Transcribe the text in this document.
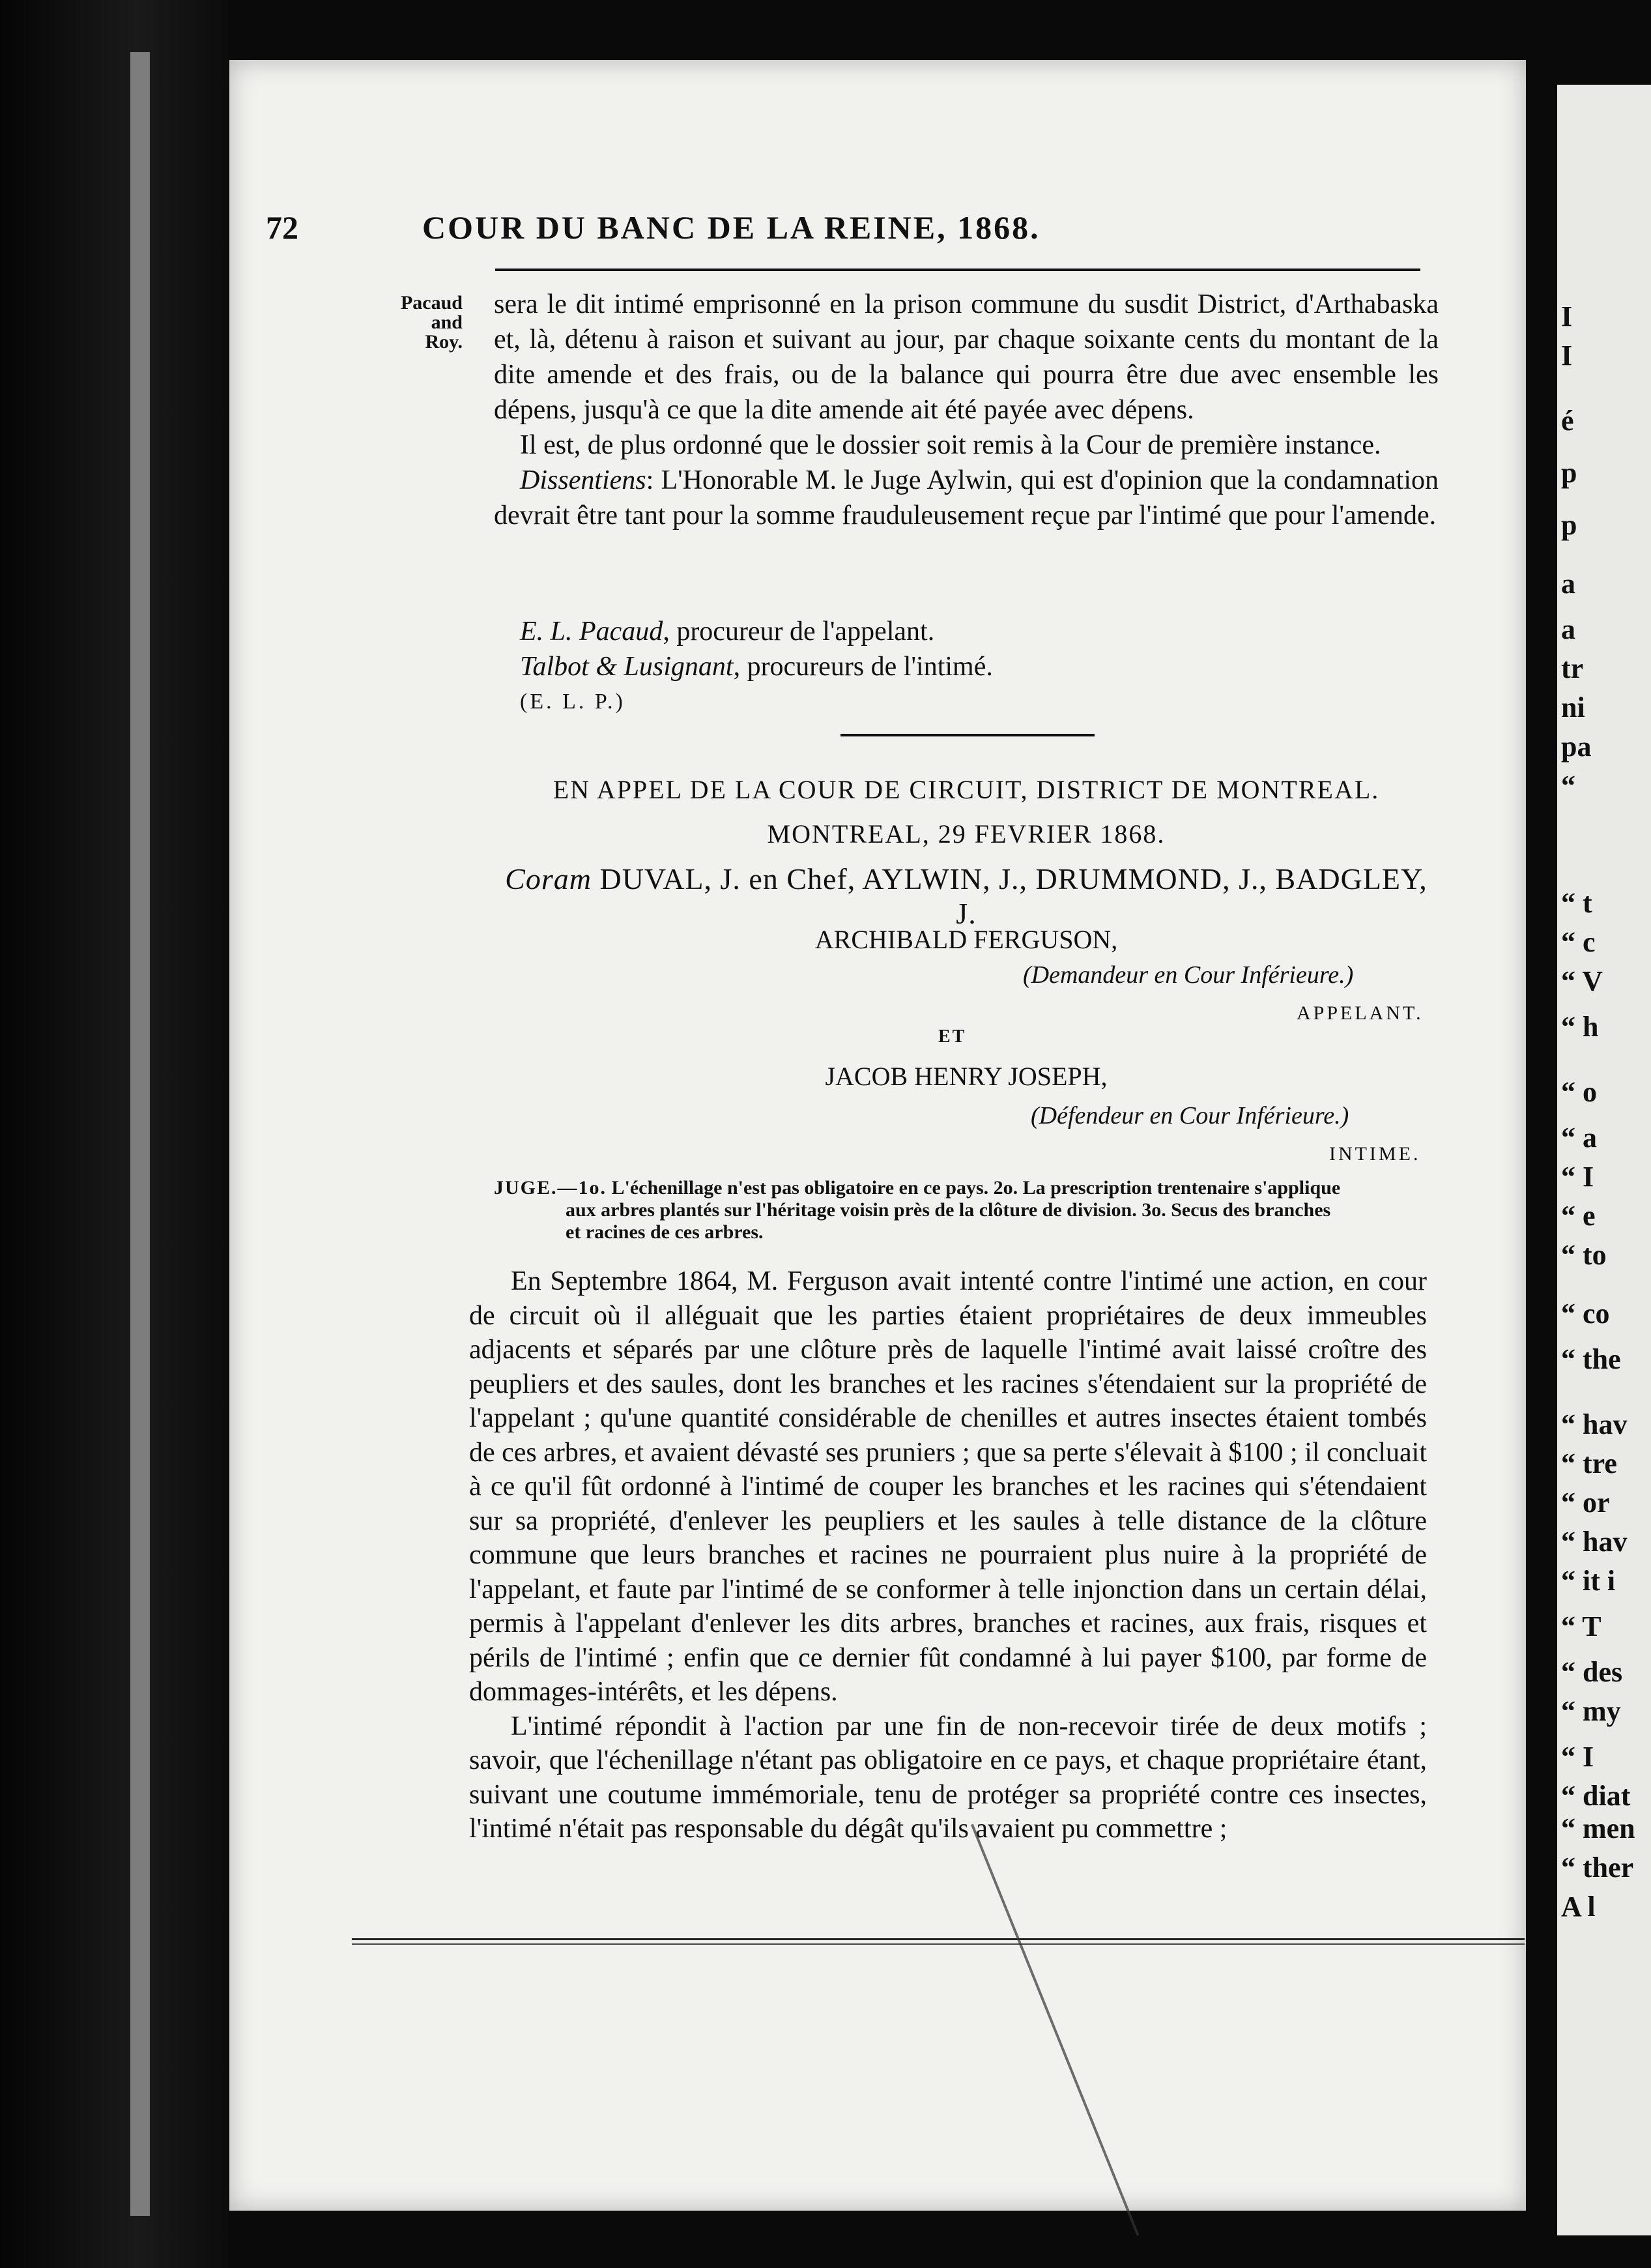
I
I
é
p
p
a
a
tr
ni
pa
“
“ t
“ c
“ V
“ h
“ o
“ a
“ I
“ e
“ to
“ co
“ the
“ hav
“ tre
“ or
“ hav
“ it i
“ T
“ des
“ my
“ I
“ diat
“ men
“ ther
A l
72	COUR DU BANC DE LA REINE, 1868.
Pacaud
and
Roy.

sera le dit intimé emprisonné en la prison commune du susdit District, d'Arthabaska et, là, détenu à raison et suivant au jour, par chaque soixante cents du montant de la dite amende et des frais, ou de la balance qui pourra être due avec ensemble les dépens, jusqu'à ce que la dite amende ait été payée avec dépens.

Il est, de plus ordonné que le dossier soit remis à la Cour de première instance.

Dissentiens: L'Honorable M. le Juge Aylwin, qui est d'opinion que la condamnation devrait être tant pour la somme frauduleusement reçue par l'intimé que pour l'amende.

E. L. Pacaud, procureur de l'appelant.
Talbot & Lusignant, procureurs de l'intimé.
(E. L. P.)
EN APPEL DE LA COUR DE CIRCUIT, DISTRICT DE MONTREAL.
MONTREAL, 29 FEVRIER 1868.
Coram DUVAL, J. en Chef, AYLWIN, J., DRUMMOND, J., BADGLEY, J.
ARCHIBALD FERGUSON,
(Demandeur en Cour Inférieure.)
APPELANT.
ET
JACOB HENRY JOSEPH,
(Défendeur en Cour Inférieure.)
INTIME.
JUGE.—1o. L'échenillage n'est pas obligatoire en ce pays. 2o. La prescription trentenaire s'applique
aux arbres plantés sur l'héritage voisin près de la clôture de division. 3o. Secus des branches
et racines de ces arbres.

En Septembre 1864, M. Ferguson avait intenté contre l'intimé une action, en cour de circuit où il alléguait que les parties étaient propriétaires de deux immeubles adjacents et séparés par une clôture près de laquelle l'intimé avait laissé croître des peupliers et des saules, dont les branches et les racines s'étendaient sur la propriété de l'appelant ; qu'une quantité considérable de chenilles et autres insectes étaient tombés de ces arbres, et avaient dévasté ses pruniers ; que sa perte s'élevait à $100 ; il concluait à ce qu'il fût ordonné à l'intimé de couper les branches et les racines qui s'étendaient sur sa propriété, d'enlever les peupliers et les saules à telle distance de la clôture commune que leurs branches et racines ne pourraient plus nuire à la propriété de l'appelant, et faute par l'intimé de se conformer à telle injonction dans un certain délai, permis à l'appelant d'enlever les dits arbres, branches et racines, aux frais, risques et périls de l'intimé ; enfin que ce dernier fût condamné à lui payer $100, par forme de dommages-intérêts, et les dépens.

L'intimé répondit à l'action par une fin de non-recevoir tirée de deux motifs ; savoir, que l'échenillage n'étant pas obligatoire en ce pays, et chaque propriétaire étant, suivant une coutume immémoriale, tenu de protéger sa propriété contre ces insectes, l'intimé n'était pas responsable du dégât qu'ils avaient pu commettre ;
